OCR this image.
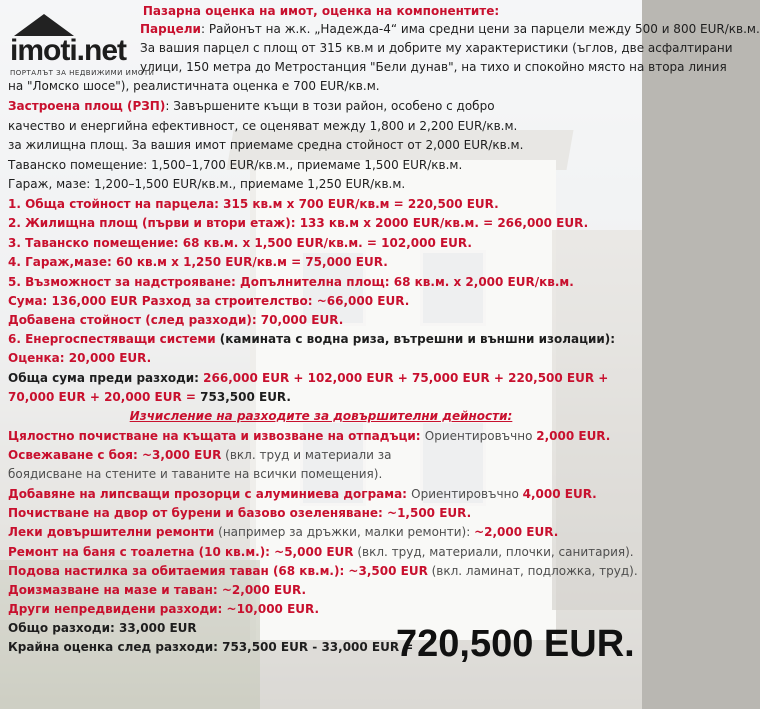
imoti.net
ПОРТАЛЪТ ЗА НЕДВИЖИМИ ИМОТИ
Пазарна оценка на имот, оценка на компонентите:
Парцели: Районът на ж.к. „Надежда-4“ има средни цени за парцели между 500 и 800 EUR/кв.м.
За вашия парцел с площ от 315 кв.м и добрите му характеристики (ъглов, две асфалтирани
улици, 150 метра до Метростанция "Бели дунав", на тихо и спокойно място на втора линия
на "Ломско шосе"), реалистичната оценка е 700 EUR/кв.м.
Застроена площ (РЗП): Завършените къщи в този район, особено с добро
качество и енергийна ефективност, се оценяват между 1,800 и 2,200 EUR/кв.м.
за жилищна площ. За вашия имот приемаме средна стойност от 2,000 EUR/кв.м.
Таванско помещение: 1,500–1,700 EUR/кв.м., приемаме 1,500 EUR/кв.м.
Гараж, мазе: 1,200–1,500 EUR/кв.м., приемаме 1,250 EUR/кв.м.
1. Обща стойност на парцела: 315 кв.м x 700 EUR/кв.м = 220,500 EUR.
2. Жилищна площ (първи и втори етаж): 133 кв.м x 2000 EUR/кв.м. = 266,000 EUR.
3. Таванско помещение: 68 кв.м. x 1,500 EUR/кв.м. = 102,000 EUR.
4. Гараж,мазе: 60 кв.м x 1,250 EUR/кв.м = 75,000 EUR.
5. Възможност за надстрояване: Допълнителна площ: 68 кв.м. x 2,000 EUR/кв.м.
Сума: 136,000 EUR Разход за строителство: ~66,000 EUR.
Добавена стойност (след разходи): 70,000 EUR.
6. Енергоспестяващи системи (камината с водна риза, вътрешни и външни изолации):
Оценка: 20,000 EUR.
Обща сума преди разходи: 266,000 EUR + 102,000 EUR + 75,000 EUR + 220,500 EUR +
70,000 EUR + 20,000 EUR = 753,500 EUR.
Изчисление на разходите за довършителни дейности:
Цялостно почистване на къщата и извозване на отпадъци: Ориентировъчно 2,000 EUR.
Освежаване с боя: ~3,000 EUR (вкл. труд и материали за
боядисване на стените и таваните на всички помещения).
Добавяне на липсващи прозорци с алуминиева дограма: Ориентировъчно 4,000 EUR.
Почистване на двор от бурени и базово озеленяване: ~1,500 EUR.
Леки довършителни ремонти (например за дръжки, малки ремонти): ~2,000 EUR.
Ремонт на баня с тоалетна (10 кв.м.): ~5,000 EUR (вкл. труд, материали, плочки, санитария).
Подова настилка за обитаемия таван (68 кв.м.): ~3,500 EUR (вкл. ламинат, подложка, труд).
Доизмазване на мазе и таван: ~2,000 EUR.
Други непредвидени разходи: ~10,000 EUR.
Общо разходи: 33,000 EUR
Крайна оценка след разходи: 753,500 EUR - 33,000 EUR =
720,500 EUR.
